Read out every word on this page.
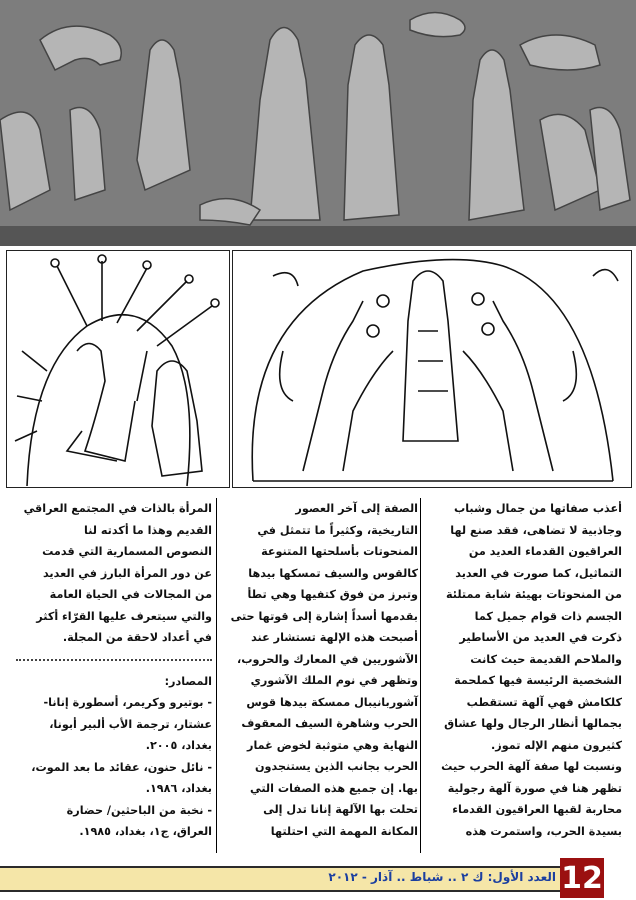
أعذب صفاتها من جمال وشباب

وجاذبية لا تضاهى، فقد صنع لها

العراقيون القدماء العديد من

التماثيل، كما صورت في العديد

من المنحوتات بهيئة شابة ممتلئة

الجسم ذات قوام جميل كما

ذكرت في العديد من الأساطير

والملاحم القديمة حيث كانت

الشخصية الرئيسة فيها كملحمة

كلكامش فهي آلهة تستقطب

بجمالها أنظار الرجال ولها عشاق

كثيرون منهم الإله تموز.

ونسبت لها صفة آلهة الحرب حيث

تظهر هنا في صورة آلهة رجولية

محاربة لقبها العراقيون القدماء

بسيدة الحرب، واستمرت هذه

الصفة إلى آخر العصور

التاريخية، وكثيراً ما تتمثل في

المنحوتات بأسلحتها المتنوعة

كالقوس والسيف تمسكها بيدها

وتبرز من فوق كتفيها وهي تطأ

بقدمها أسداً إشارة إلى قوتها حتى

أصبحت هذه الإلهة تستشار عند

الآشوريين في المعارك والحروب،

وتظهر في نوم الملك الآشوري

آشوربانيبال ممسكة بيدها قوس

الحرب وشاهرة السيف المعقوف

النهاية وهي متوثبة لخوض غمار

الحرب بجانب الذين يستنجدون

بها. إن جميع هذه الصفات التي

تحلت بها الآلهة إنانا تدل إلى

المكانة المهمة التي احتلتها

المرأة بالذات في المجتمع العراقي

القديم وهذا ما أكدته لنا

النصوص المسمارية التي قدمت

عن دور المرأة البارز في العديد

من المجالات في الحياة العامة

والتي سيتعرف عليها القرّاء أكثر

في أعداد لاحقة من المجلة.

المصادر:

- بوتيرو وكريمر، أسطورة إنانا-

عشتار، ترجمة الأب ألبير أبونا،

بغداد، ٢٠٠٥.

- نائل حنون، عقائد ما بعد الموت،

بغداد، ١٩٨٦.

- نخبة من الباحثين/ حضارة

العراق، ج١، بغداد، ١٩٨٥.

العدد الأول: ك ٢ .. شباط .. آذار - ٢٠١٢ 12
